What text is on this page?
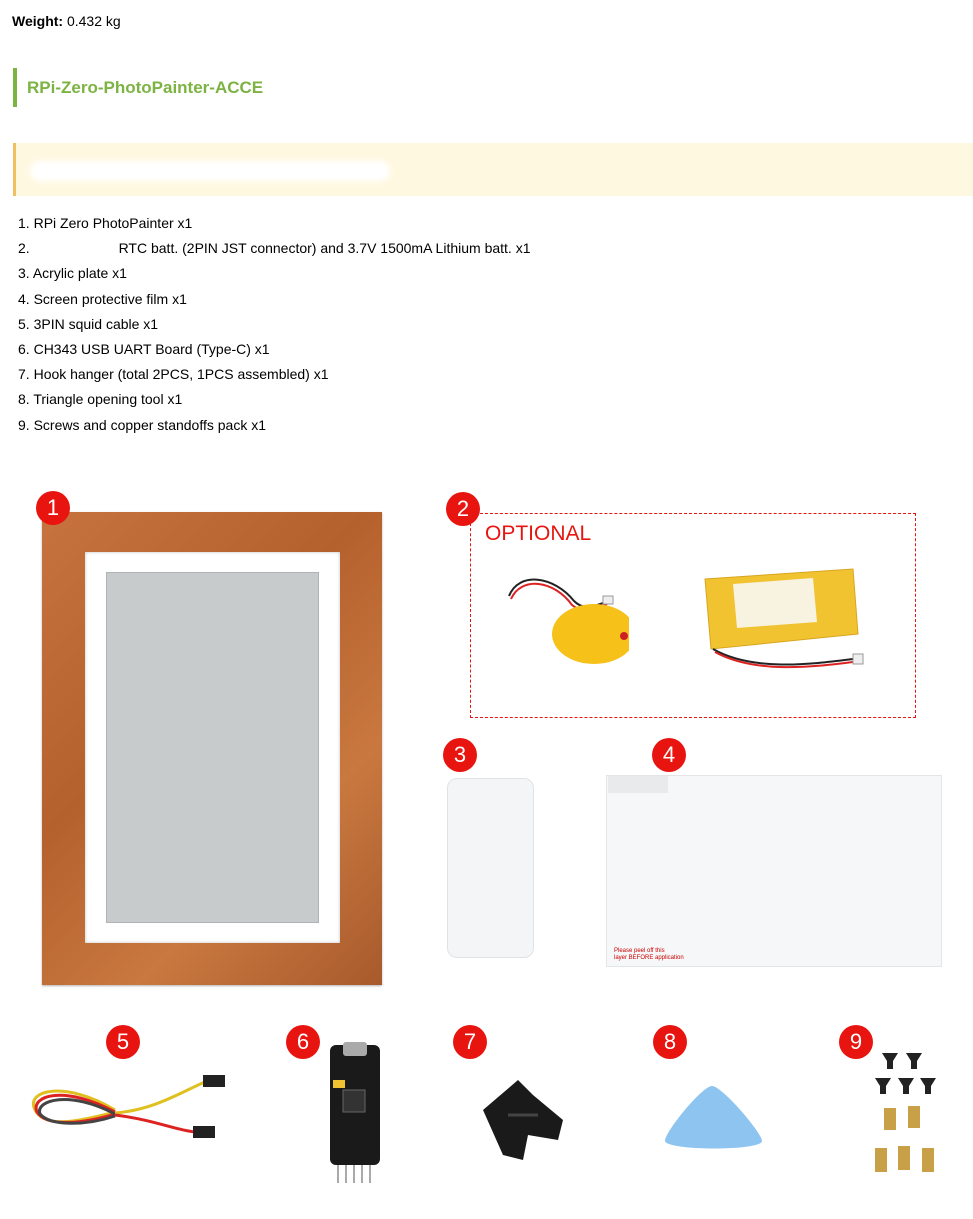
Weight: 0.432 kg
RPi-Zero-PhotoPainter-ACCE
1. RPi Zero PhotoPainter x1
2.	RTC batt. (2PIN JST connector) and 3.7V 1500mA Lithium batt. x1
3. Acrylic plate x1
4. Screen protective film x1
5. 3PIN squid cable x1
6. CH343 USB UART Board (Type-C) x1
7. Hook hanger (total 2PCS, 1PCS assembled) x1
8. Triangle opening tool x1
9. Screws and copper standoffs pack x1
1
OPTIONAL
2
3
Please peel off this
layer BEFORE application
4
5	6	7	8	9
